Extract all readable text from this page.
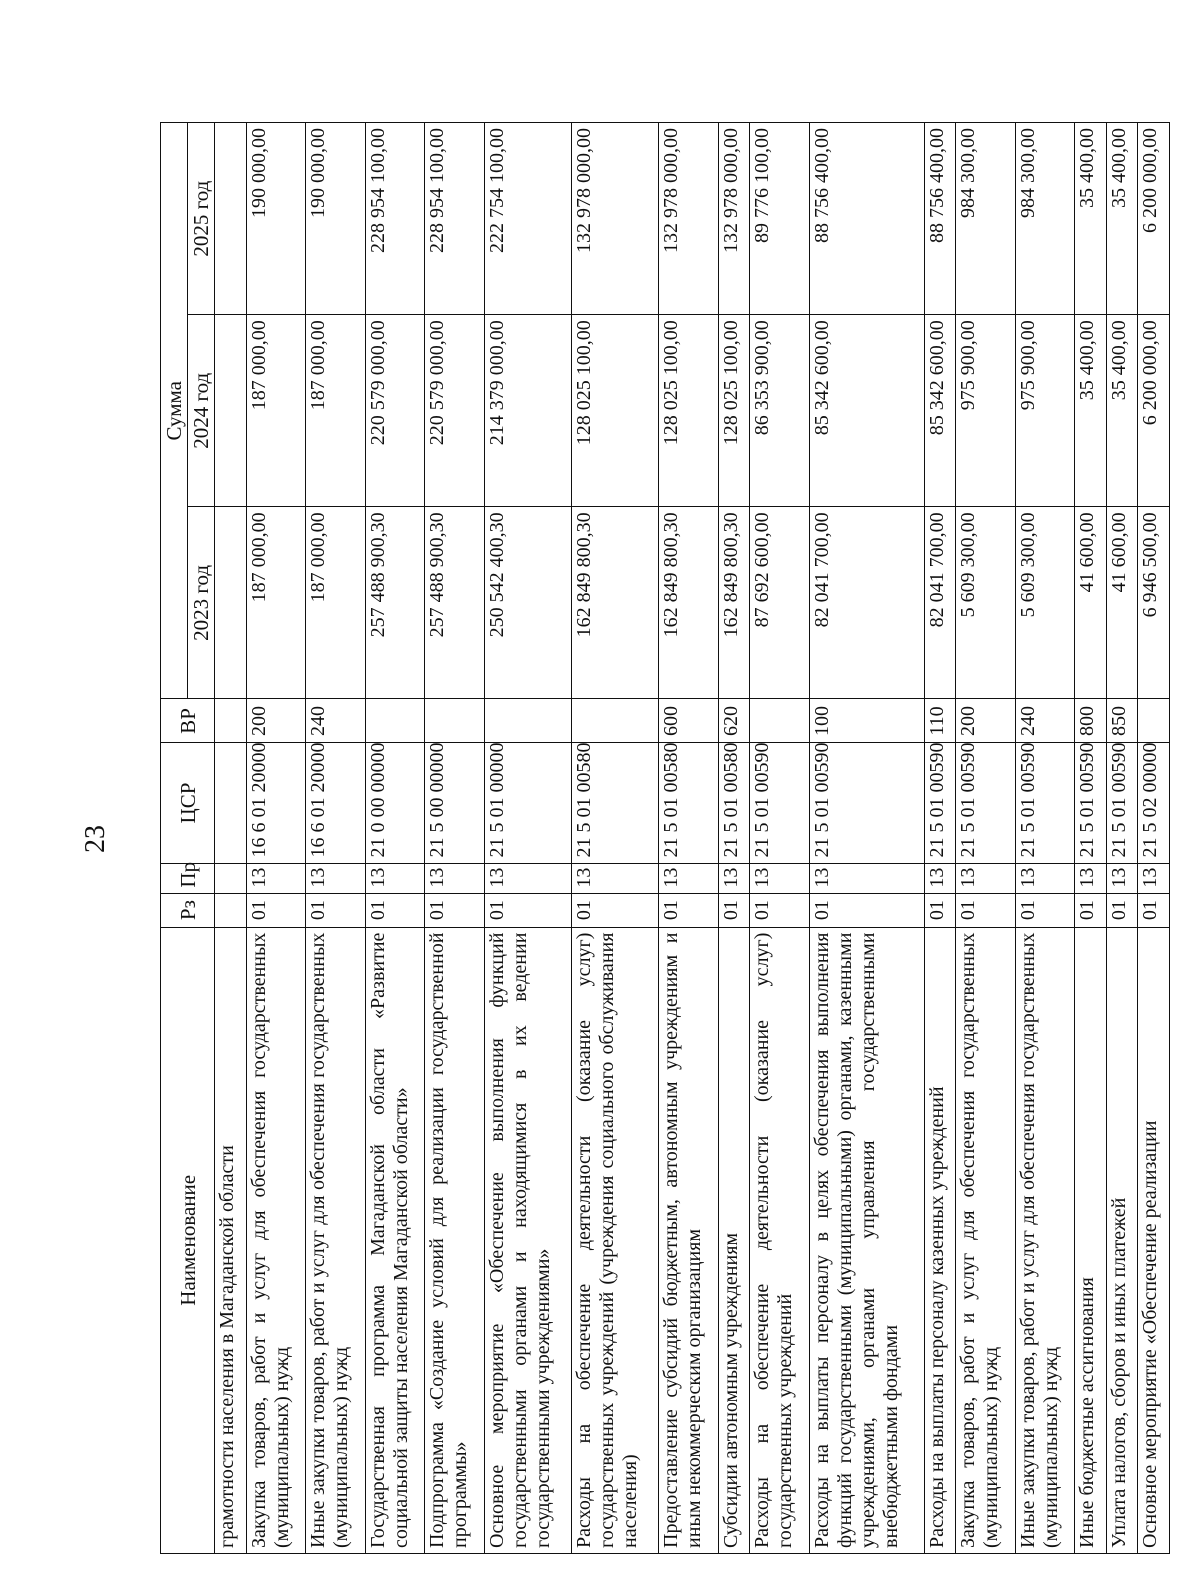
23
Наименование	Рз	Пр	ЦСР	ВР	Сумма		
					2023 год	2024 год	2025 год
грамотности населения в Магаданской области							
Закупка товаров, работ и услуг для обеспечения государственных (муниципальных) нужд	01	13	16 6 01 20000	200	187 000,00	187 000,00	190 000,00
Иные закупки товаров, работ и услуг для обеспечения государственных (муниципальных) нужд	01	13	16 6 01 20000	240	187 000,00	187 000,00	190 000,00
Государственная программа Магаданской области «Развитие социальной защиты населения Магаданской области»	01	13	21 0 00 00000		257 488 900,30	220 579 000,00	228 954 100,00
Подпрограмма «Создание условий для реализации государственной программы»	01	13	21 5 00 00000		257 488 900,30	220 579 000,00	228 954 100,00
Основное мероприятие «Обеспечение выполнения функций государственными органами и находящимися в их ведении государственными учреждениями»	01	13	21 5 01 00000		250 542 400,30	214 379 000,00	222 754 100,00
Расходы на обеспечение деятельности (оказание услуг) государственных учреждений (учреждения социального обслуживания населения)	01	13	21 5 01 00580		162 849 800,30	128 025 100,00	132 978 000,00
Предоставление субсидий бюджетным, автономным учреждениям и иным некоммерческим организациям	01	13	21 5 01 00580	600	162 849 800,30	128 025 100,00	132 978 000,00
Субсидии автономным учреждениям	01	13	21 5 01 00580	620	162 849 800,30	128 025 100,00	132 978 000,00
Расходы на обеспечение деятельности (оказание услуг) государственных учреждений	01	13	21 5 01 00590		87 692 600,00	86 353 900,00	89 776 100,00
Расходы на выплаты персоналу в целях обеспечения выполнения функций государственными (муниципальными) органами, казенными учреждениями, органами управления государственными внебюджетными фондами	01	13	21 5 01 00590	100	82 041 700,00	85 342 600,00	88 756 400,00
Расходы на выплаты персоналу казенных учреждений	01	13	21 5 01 00590	110	82 041 700,00	85 342 600,00	88 756 400,00
Закупка товаров, работ и услуг для обеспечения государственных (муниципальных) нужд	01	13	21 5 01 00590	200	5 609 300,00	975 900,00	984 300,00
Иные закупки товаров, работ и услуг для обеспечения государственных (муниципальных) нужд	01	13	21 5 01 00590	240	5 609 300,00	975 900,00	984 300,00
Иные бюджетные ассигнования	01	13	21 5 01 00590	800	41 600,00	35 400,00	35 400,00
Уплата налогов, сборов и иных платежей	01	13	21 5 01 00590	850	41 600,00	35 400,00	35 400,00
Основное мероприятие «Обеспечение реализации	01	13	21 5 02 00000		6 946 500,00	6 200 000,00	6 200 000,00
